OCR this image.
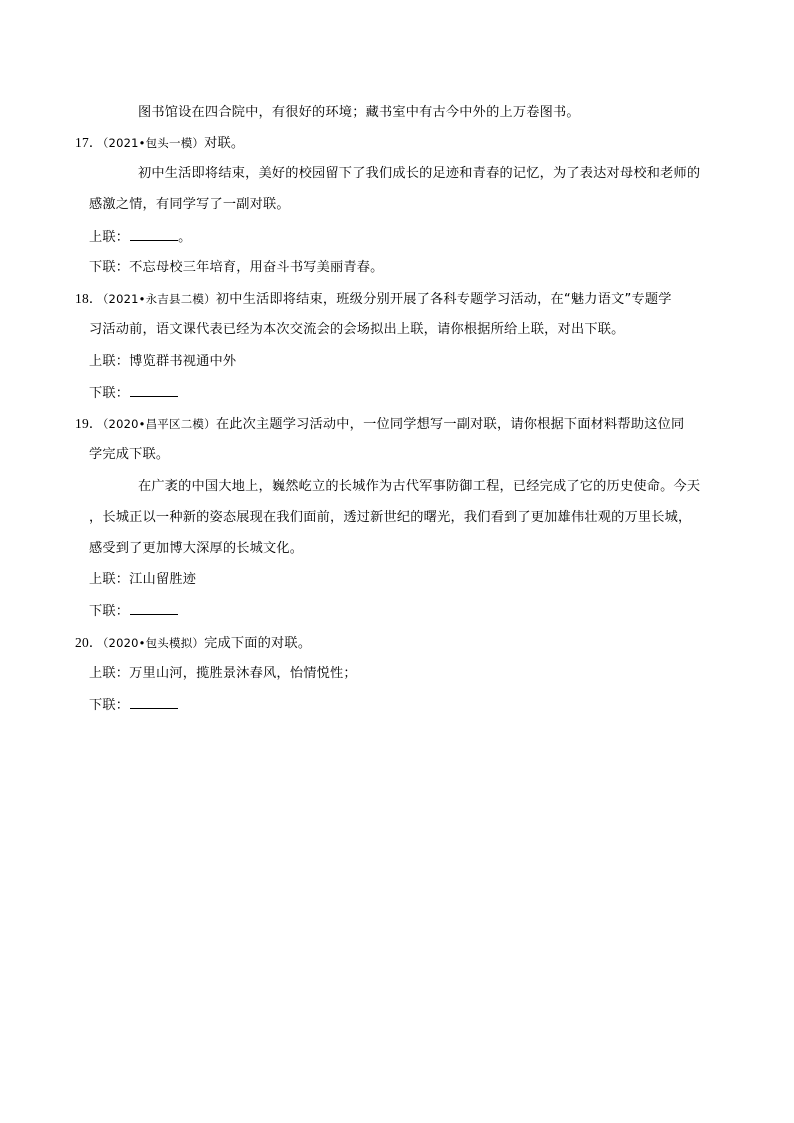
图书馆设在四合院中，有很好的环境；藏书室中有古今中外的上万卷图书。
17．（2021•包头一模）对联。
初中生活即将结束，美好的校园留下了我们成长的足迹和青春的记忆，为了表达对母校和老师的
感激之情，有同学写了一副对联。
上联：	。
下联：不忘母校三年培育，用奋斗书写美丽青春。
18．（2021•永吉县二模）初中生活即将结束，班级分别开展了各科专题学习活动，在“魅力语文”专题学
习活动前，语文课代表已经为本次交流会的会场拟出上联，请你根据所给上联，对出下联。
上联：博览群书视通中外
下联：
19．（2020•昌平区二模）在此次主题学习活动中，一位同学想写一副对联，请你根据下面材料帮助这位同
学完成下联。
在广袤的中国大地上，巍然屹立的长城作为古代军事防御工程，已经完成了它的历史使命。今天
，长城正以一种新的姿态展现在我们面前，透过新世纪的曙光，我们看到了更加雄伟壮观的万里长城，
感受到了更加博大深厚的长城文化。
上联：江山留胜迹
下联：
20．（2020•包头模拟）完成下面的对联。
上联：万里山河，揽胜景沐春风，怡情悦性；
下联：
